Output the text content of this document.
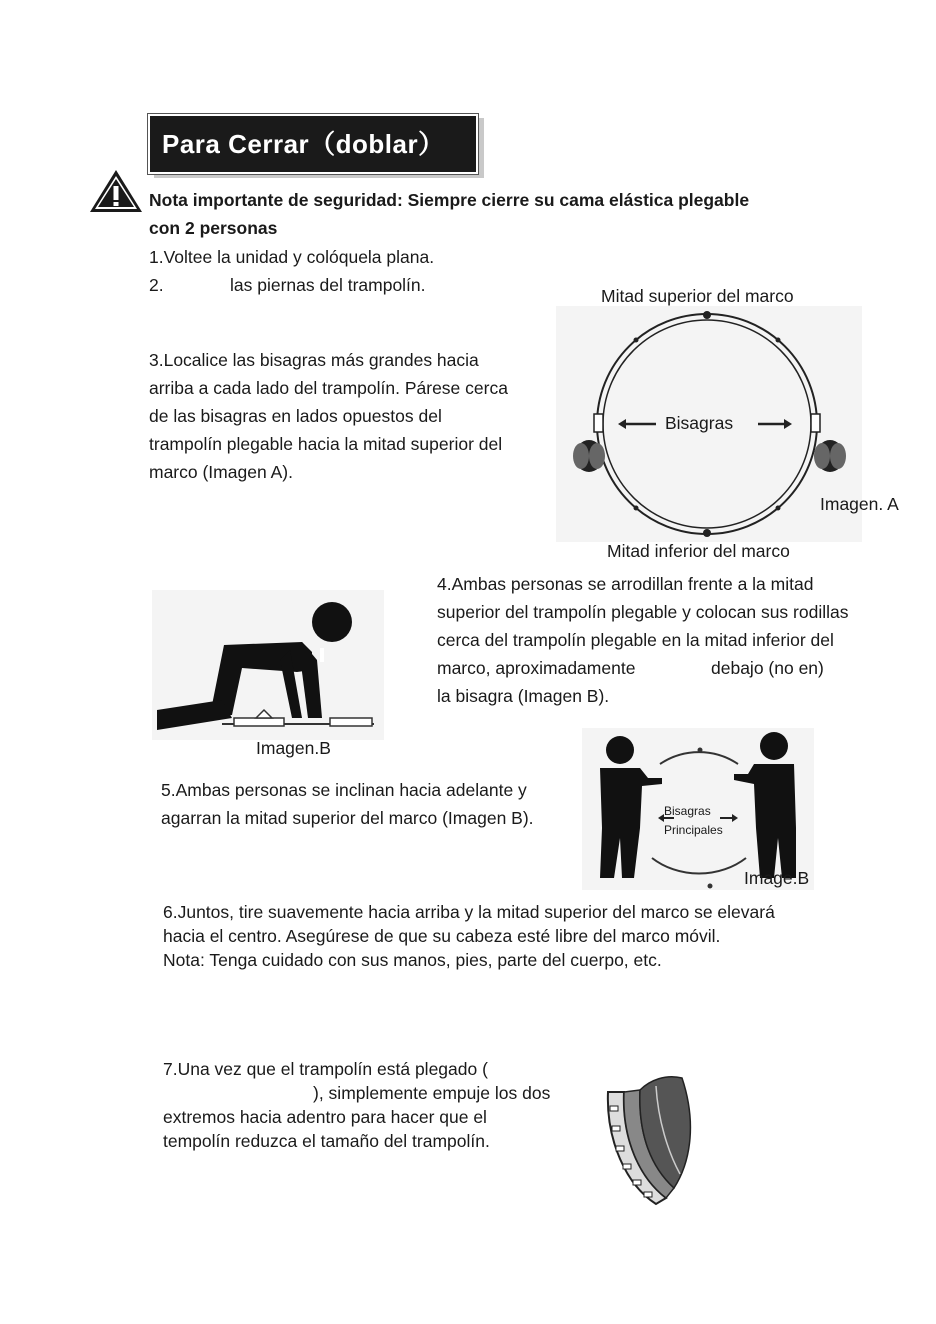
Para Cerrar（doblar）
Nota importante de seguridad: Siempre cierre su cama elástica plegable
con 2 personas
1.Voltee la unidad y colóquela plana.
2.	las piernas del trampolín.
3.Localice las bisagras más grandes hacia
arriba a cada lado del trampolín. Párese cerca
de las bisagras en lados opuestos del
trampolín plegable hacia la mitad superior del
marco (Imagen A).
Mitad superior del marco
Bisagras
Imagen. A
Mitad inferior del marco
4.Ambas personas se arrodillan frente a la mitad
superior del trampolín plegable y colocan sus rodillas
cerca del trampolín plegable en la mitad inferior del
marco, aproximadamente	debajo (no en)
la bisagra (Imagen B).
Imagen.B
5.Ambas personas se inclinan hacia adelante y
agarran la mitad superior del marco (Imagen B).	Bisagras
Principales
Image.B
6.Juntos, tire suavemente hacia arriba y la mitad superior del marco se elevará
hacia el centro. Asegúrese de que su cabeza esté libre del marco móvil.
Nota: Tenga cuidado con sus manos, pies, parte del cuerpo, etc.
7.Una vez que el trampolín está plegado (
), simplemente empuje los dos
extremos hacia adentro para hacer que el
tempolín reduzca el tamaño del trampolín.
